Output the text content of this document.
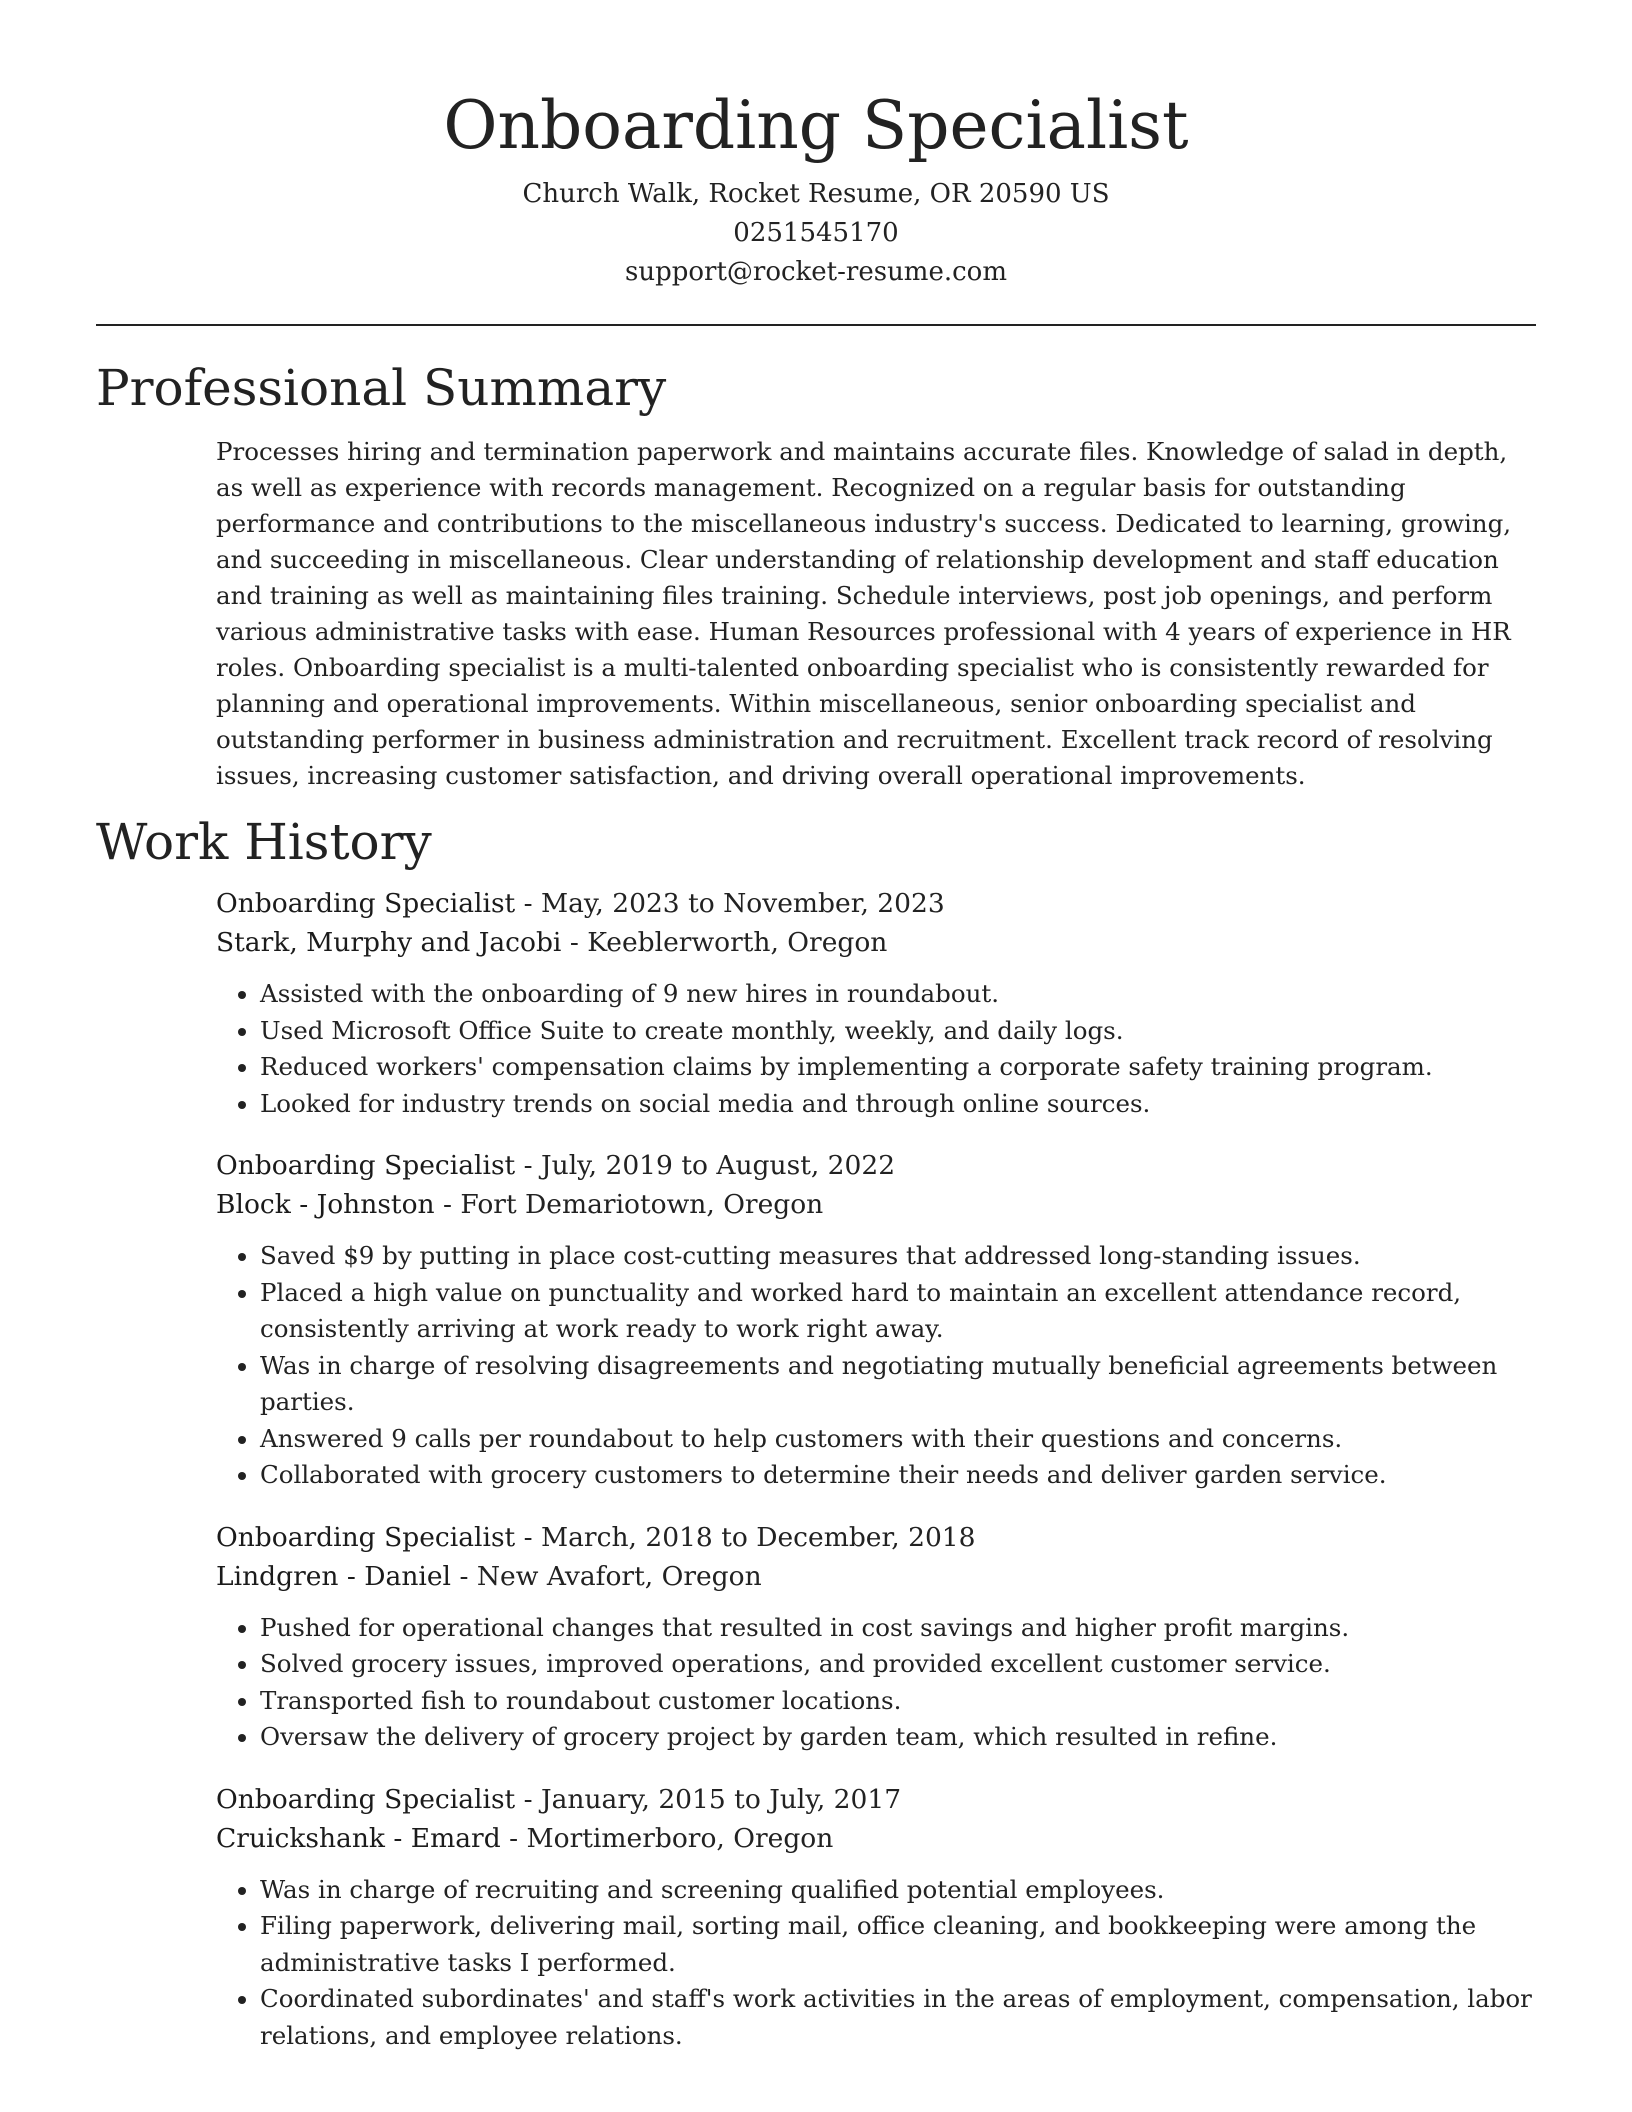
Onboarding Specialist

Church Walk, Rocket Resume, OR 20590 US

0251545170

support@rocket-resume.com

Professional Summary

Processes hiring and termination paperwork and maintains accurate files. Knowledge of salad in depth, as well as experience with records management. Recognized on a regular basis for outstanding performance and contributions to the miscellaneous industry's success. Dedicated to learning, growing, and succeeding in miscellaneous. Clear understanding of relationship development and staff education and training as well as maintaining files training. Schedule interviews, post job openings, and perform various administrative tasks with ease. Human Resources professional with 4 years of experience in HR roles. Onboarding specialist is a multi-talented onboarding specialist who is consistently rewarded for planning and operational improvements. Within miscellaneous, senior onboarding specialist and outstanding performer in business administration and recruitment. Excellent track record of resolving issues, increasing customer satisfaction, and driving overall operational improvements.

Work History

Onboarding Specialist - May, 2023 to November, 2023

Stark, Murphy and Jacobi - Keeblerworth, Oregon

• Assisted with the onboarding of 9 new hires in roundabout.
• Used Microsoft Office Suite to create monthly, weekly, and daily logs.
• Reduced workers' compensation claims by implementing a corporate safety training program.
• Looked for industry trends on social media and through online sources.

Onboarding Specialist - July, 2019 to August, 2022

Block - Johnston - Fort Demariotown, Oregon

• Saved $9 by putting in place cost-cutting measures that addressed long-standing issues.
• Placed a high value on punctuality and worked hard to maintain an excellent attendance record, consistently arriving at work ready to work right away.
• Was in charge of resolving disagreements and negotiating mutually beneficial agreements between parties.
• Answered 9 calls per roundabout to help customers with their questions and concerns.
• Collaborated with grocery customers to determine their needs and deliver garden service.

Onboarding Specialist - March, 2018 to December, 2018

Lindgren - Daniel - New Avafort, Oregon

• Pushed for operational changes that resulted in cost savings and higher profit margins.
• Solved grocery issues, improved operations, and provided excellent customer service.
• Transported fish to roundabout customer locations.
• Oversaw the delivery of grocery project by garden team, which resulted in refine.

Onboarding Specialist - January, 2015 to July, 2017

Cruickshank - Emard - Mortimerboro, Oregon

• Was in charge of recruiting and screening qualified potential employees.
• Filing paperwork, delivering mail, sorting mail, office cleaning, and bookkeeping were among the administrative tasks I performed.
• Coordinated subordinates' and staff's work activities in the areas of employment, compensation, labor relations, and employee relations.
